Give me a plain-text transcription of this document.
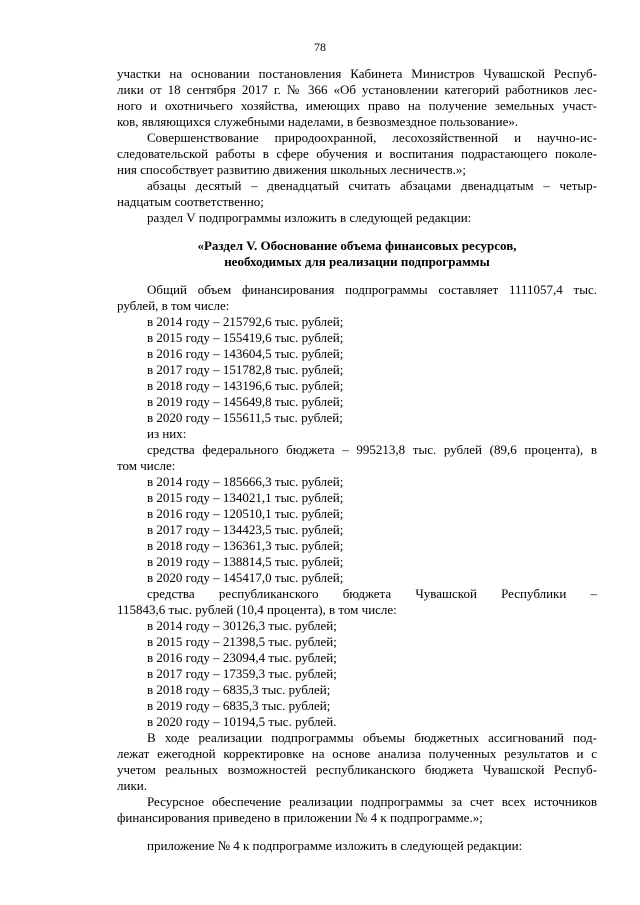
78
участки на основании постановления Кабинета Министров Чувашской Респуб-
лики от 18 сентября 2017 г. № 366 «Об установлении категорий работников лес-
ного и охотничьего хозяйства, имеющих право на получение земельных участ-
ков, являющихся служебными наделами, в безвозмездное пользование».
Совершенствование природоохранной, лесохозяйственной и научно-ис-
следовательской работы в сфере обучения и воспитания подрастающего поколе-
ния способствует развитию движения школьных лесничеств.»;
абзацы десятый – двенадцатый считать абзацами двенадцатым – четыр-
надцатым соответственно;
раздел V подпрограммы изложить в следующей редакции:
«Раздел V. Обоснование объема финансовых ресурсов,
необходимых для реализации подпрограммы
Общий объем финансирования подпрограммы составляет 1111057,4 тыс.
рублей, в том числе:
в 2014 году – 215792,6 тыс. рублей;
в 2015 году – 155419,6 тыс. рублей;
в 2016 году – 143604,5 тыс. рублей;
в 2017 году – 151782,8 тыс. рублей;
в 2018 году – 143196,6 тыс. рублей;
в 2019 году – 145649,8 тыс. рублей;
в 2020 году – 155611,5 тыс. рублей;
из них:
средства федерального бюджета – 995213,8 тыс. рублей (89,6 процента), в
том числе:
в 2014 году – 185666,3 тыс. рублей;
в 2015 году – 134021,1 тыс. рублей;
в 2016 году – 120510,1 тыс. рублей;
в 2017 году – 134423,5 тыс. рублей;
в 2018 году – 136361,3 тыс. рублей;
в 2019 году – 138814,5 тыс. рублей;
в 2020 году – 145417,0 тыс. рублей;
средства республиканского бюджета Чувашской Республики –
115843,6 тыс. рублей (10,4 процента), в том числе:
в 2014 году – 30126,3 тыс. рублей;
в 2015 году – 21398,5 тыс. рублей;
в 2016 году – 23094,4 тыс. рублей;
в 2017 году – 17359,3 тыс. рублей;
в 2018 году – 6835,3 тыс. рублей;
в 2019 году – 6835,3 тыс. рублей;
в 2020 году – 10194,5 тыс. рублей.
В ходе реализации подпрограммы объемы бюджетных ассигнований под-
лежат ежегодной корректировке на основе анализа полученных результатов и с
учетом реальных возможностей республиканского бюджета Чувашской Респуб-
лики.
Ресурсное обеспечение реализации подпрограммы за счет всех источников
финансирования приведено в приложении № 4 к подпрограмме.»;
приложение № 4 к подпрограмме изложить в следующей редакции:
